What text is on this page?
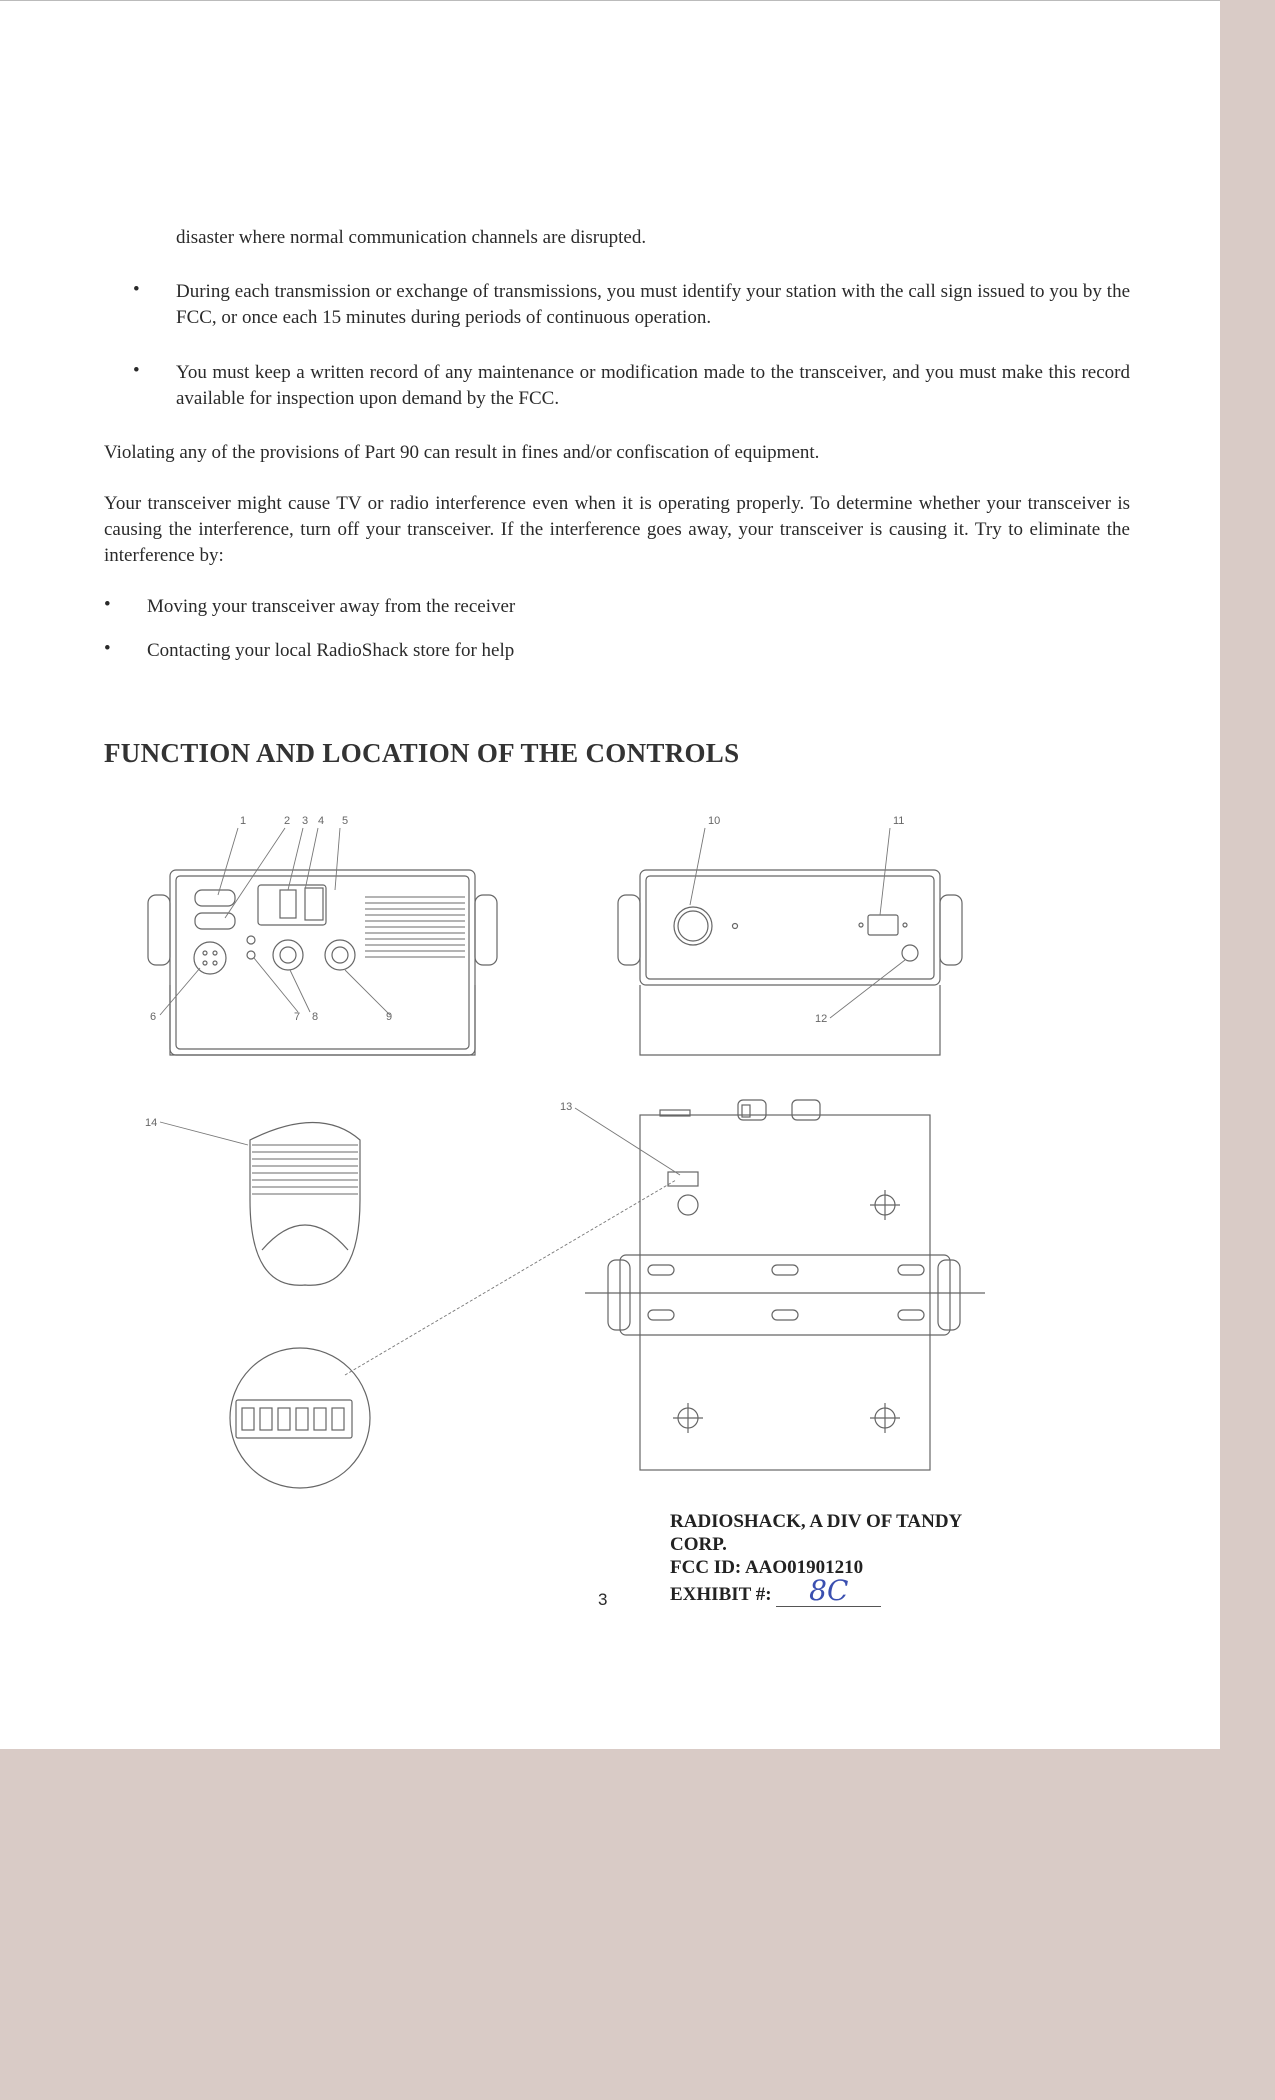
disaster where normal communication channels are disrupted.
• During each transmission or exchange of transmissions, you must identify your station with the call sign issued to you by the FCC, or once each 15 minutes during periods of continuous operation.
• You must keep a written record of any maintenance or modification made to the transceiver, and you must make this record available for inspection upon demand by the FCC.
Violating any of the provisions of Part 90 can result in fines and/or confiscation of equipment.
Your transceiver might cause TV or radio interference even when it is operating properly. To determine whether your transceiver is causing the interference, turn off your transceiver. If the interference goes away, your transceiver is causing it. Try to eliminate the interference by:
• Moving your transceiver away from the receiver
• Contacting your local RadioShack store for help
FUNCTION AND LOCATION OF THE CONTROLS
1	2 3 4 5
6	7 8	9
10	11
12
13
14
3
RADIOSHACK, A DIV OF TANDY
CORP.
FCC ID: AAO01901210
EXHIBIT #: 8C
